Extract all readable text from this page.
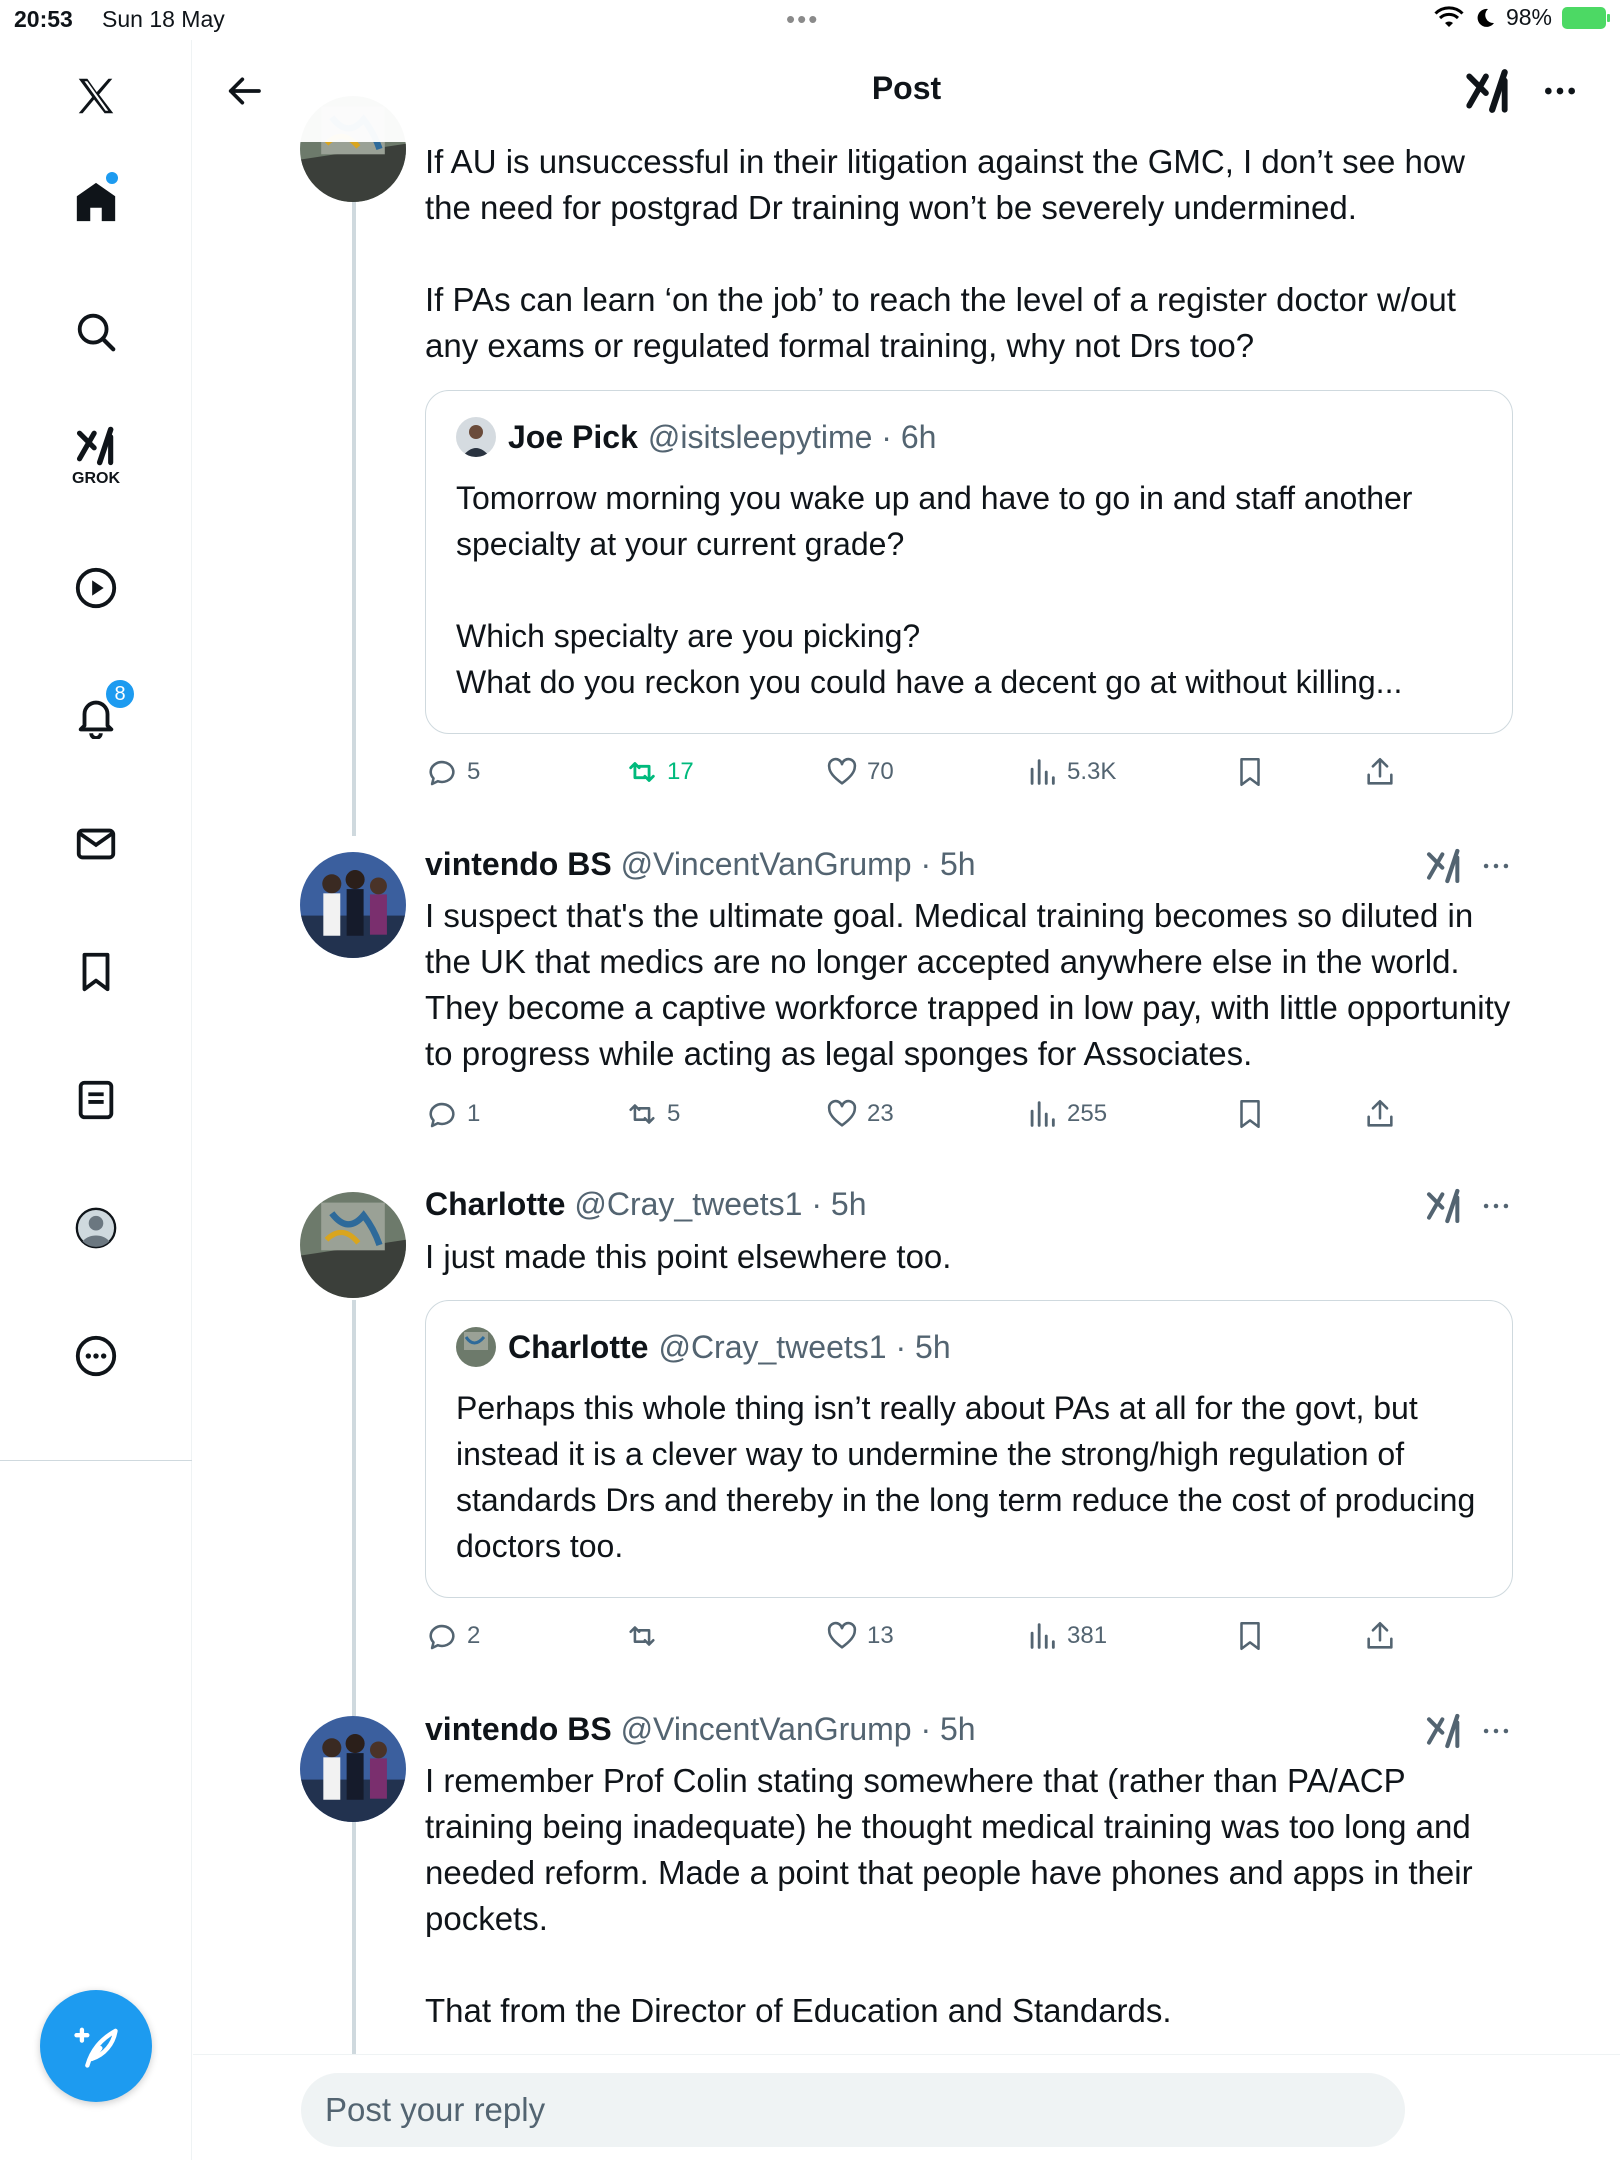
20:53 Sun 18 May	•••	98%
GROK
8
Post

If AU is unsuccessful in their litigation against the GMC, I don’t see how the need for postgrad Dr training won’t be severely undermined.

If PAs can learn ‘on the job’ to reach the level of a register doctor w/out any exams or regulated formal training, why not Drs too?

Joe Pick @isitsleepytime · 6h

Tomorrow morning you wake up and have to go in and staff another specialty at your current grade?

Which specialty are you picking?

What do you reckon you could have a decent go at without killing...

5	17	70	5.3K
vintendo BS @VincentVanGrump · 5h

I suspect that's the ultimate goal. Medical training becomes so diluted in the UK that medics are no longer accepted anywhere else in the world. They become a captive workforce trapped in low pay, with little opportunity to progress while acting as legal sponges for Associates.

1	5	23	255
Charlotte @Cray_tweets1 · 5h

I just made this point elsewhere too.

Charlotte @Cray_tweets1 · 5h

Perhaps this whole thing isn’t really about PAs at all for the govt, but instead it is a clever way to undermine the strong/high regulation of standards Drs and thereby in the long term reduce the cost of producing doctors too.

2	13	381
vintendo BS @VincentVanGrump · 5h

I remember Prof Colin stating somewhere that (rather than PA/ACP training being inadequate) he thought medical training was too long and needed reform. Made a point that people have phones and apps in their pockets.

That from the Director of Education and Standards.

Post your reply
